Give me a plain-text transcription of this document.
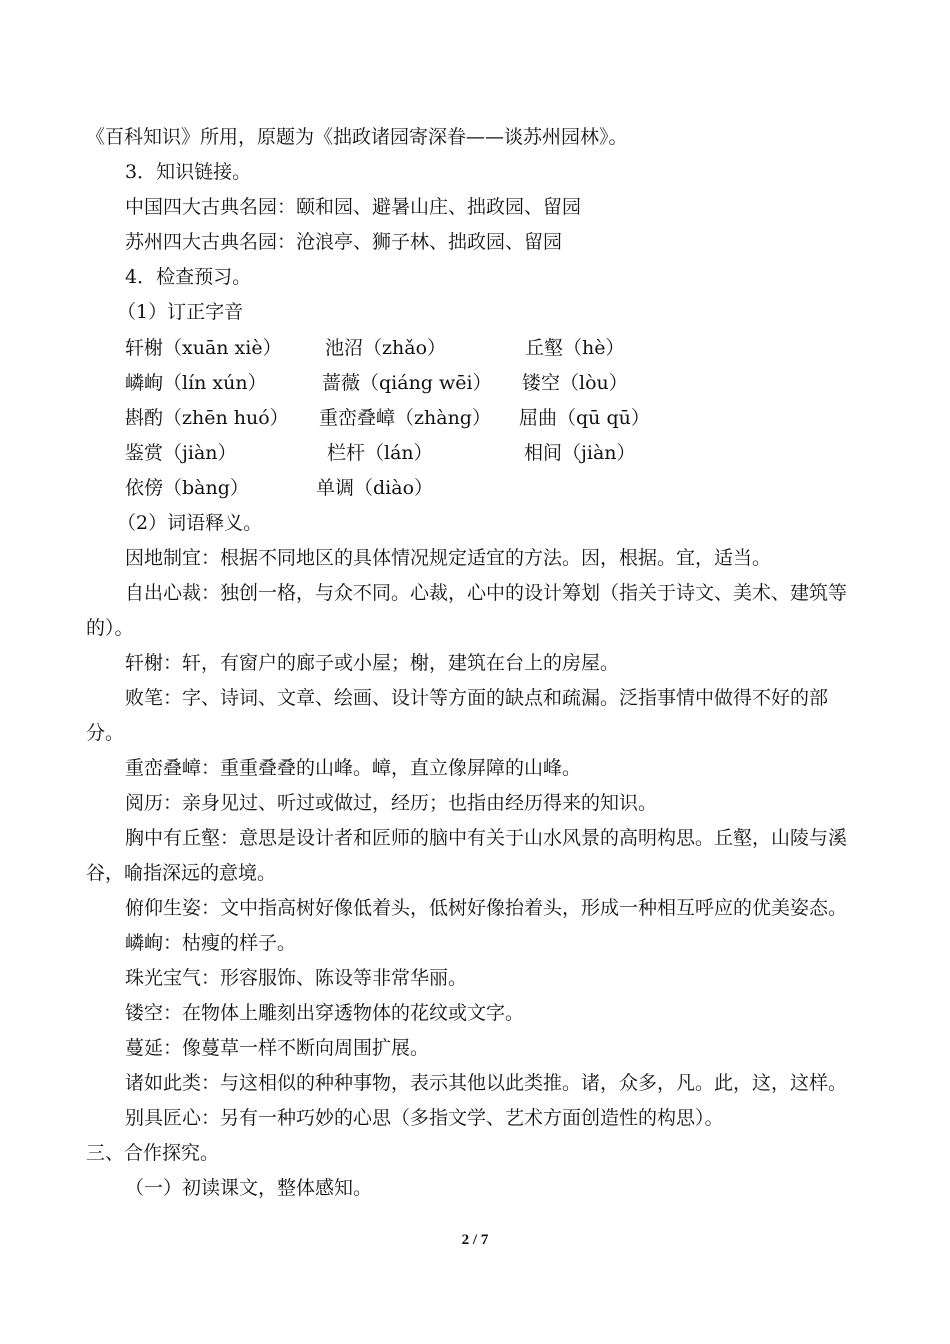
《百科知识》所用，原题为《拙政诸园寄深眷——谈苏州园林》。
3．知识链接。
中国四大古典名园：颐和园、避暑山庄、拙政园、留园
苏州四大古典名园：沧浪亭、狮子林、拙政园、留园
4．检查预习。
（1）订正字音
轩榭（xuān xiè） 池沼（zhǎo）	丘壑（hè）
嶙峋（lín xún）	蔷薇（qiáng wēi） 镂空（lòu）
斟酌（zhēn huó） 重峦叠嶂（zhàng） 屈曲（qū qū）
鉴赏（jiàn）	栏杆（lán）	相间（jiàn）
依傍（bàng）	单调（diào）
（2）词语释义。
因地制宜：根据不同地区的具体情况规定适宜的方法。因，根据。宜，适当。
自出心裁：独创一格，与众不同。心裁，心中的设计筹划（指关于诗文、美术、建筑等
的）。
轩榭：轩，有窗户的廊子或小屋；榭，建筑在台上的房屋。
败笔：字、诗词、文章、绘画、设计等方面的缺点和疏漏。泛指事情中做得不好的部
分。
重峦叠嶂：重重叠叠的山峰。嶂，直立像屏障的山峰。
阅历：亲身见过、听过或做过，经历；也指由经历得来的知识。
胸中有丘壑：意思是设计者和匠师的脑中有关于山水风景的高明构思。丘壑，山陵与溪
谷，喻指深远的意境。
俯仰生姿：文中指高树好像低着头，低树好像抬着头，形成一种相互呼应的优美姿态。
嶙峋：枯瘦的样子。
珠光宝气：形容服饰、陈设等非常华丽。
镂空：在物体上雕刻出穿透物体的花纹或文字。
蔓延：像蔓草一样不断向周围扩展。
诸如此类：与这相似的种种事物，表示其他以此类推。诸，众多，凡。此，这，这样。
别具匠心：另有一种巧妙的心思（多指文学、艺术方面创造性的构思）。
三、合作探究。
（一）初读课文，整体感知。
2 / 7
